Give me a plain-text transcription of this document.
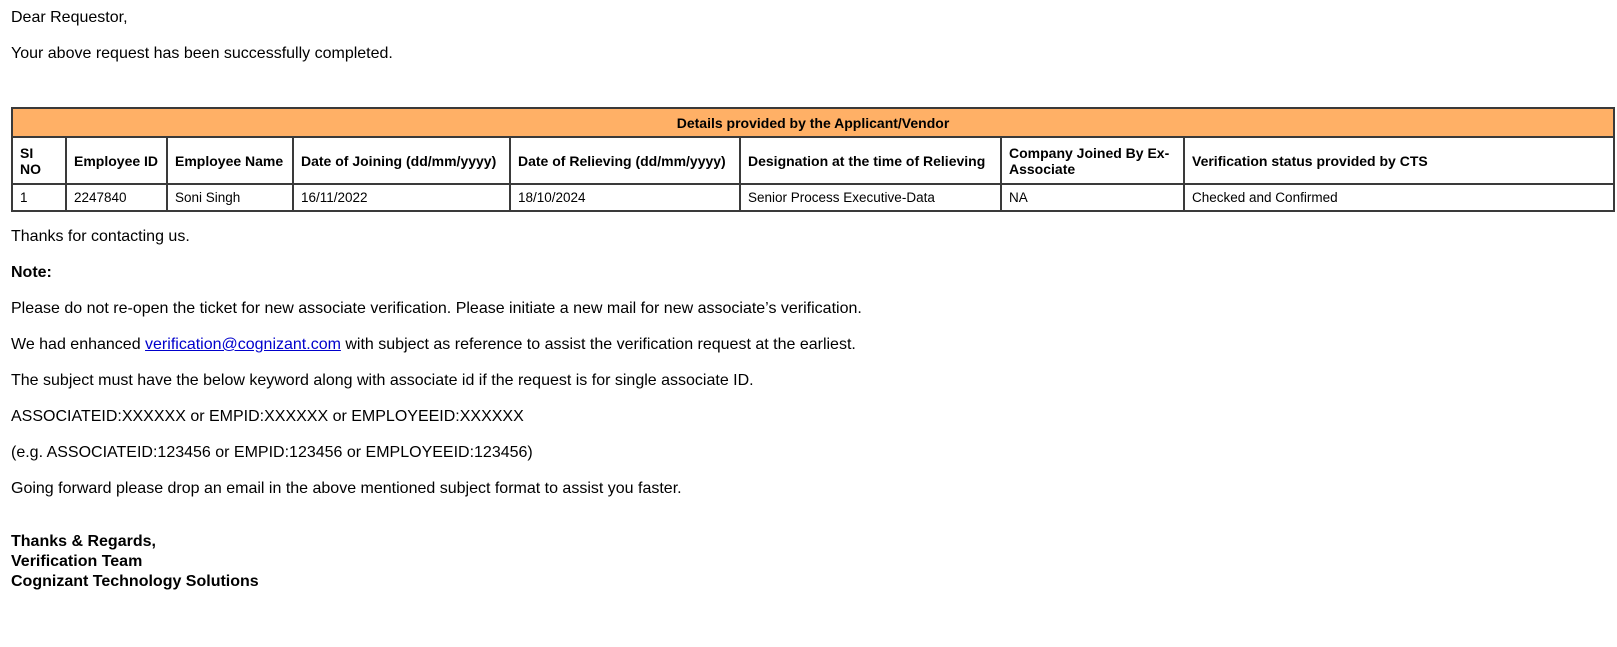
Dear Requestor,

Your above request has been successfully completed.

Details provided by the Applicant/Vendor							
SI NO	Employee ID	Employee Name	Date of Joining (dd/mm/yyyy)	Date of Relieving (dd/mm/yyyy)	Designation at the time of Relieving	Company Joined By Ex-Associate	Verification status provided by CTS
1	2247840	Soni Singh	16/11/2022	18/10/2024	Senior Process Executive-Data	NA	Checked and Confirmed

Thanks for contacting us.

Note:

Please do not re-open the ticket for new associate verification. Please initiate a new mail for new associate’s verification.

We had enhanced verification@cognizant.com with subject as reference to assist the verification request at the earliest.

The subject must have the below keyword along with associate id if the request is for single associate ID.

ASSOCIATEID:XXXXXX or EMPID:XXXXXX or EMPLOYEEID:XXXXXX

(e.g. ASSOCIATEID:123456 or EMPID:123456 or EMPLOYEEID:123456)

Going forward please drop an email in the above mentioned subject format to assist you faster.

Thanks & Regards,
Verification Team
Cognizant Technology Solutions
